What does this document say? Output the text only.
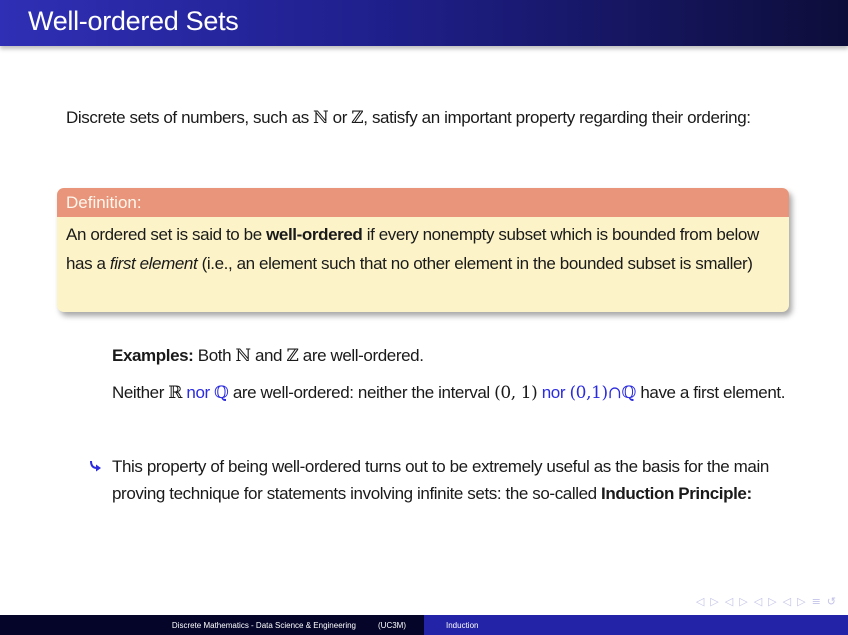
Well-ordered Sets
Discrete sets of numbers, such as ℕ or ℤ, satisfy an important property regarding their ordering:
Definition:
An ordered set is said to be well-ordered if every nonempty subset which is bounded from below has a first element (i.e., an element such that no other element in the bounded subset is smaller)

Examples: Both ℕ and ℤ are well-ordered.

Neither ℝ nor ℚ are well-ordered: neither the interval (0, 1) nor (0,1)∩ℚ have a first element.

This property of being well-ordered turns out to be extremely useful as the basis for the main proving technique for statements involving infinite sets: the so-called Induction Principle:
◁ ▷ ◁ ▷ ◁ ▷ ◁ ▷ ≡ ↺
Discrete Mathematics - Data Science & Engineering	(UC3M)	Induction
